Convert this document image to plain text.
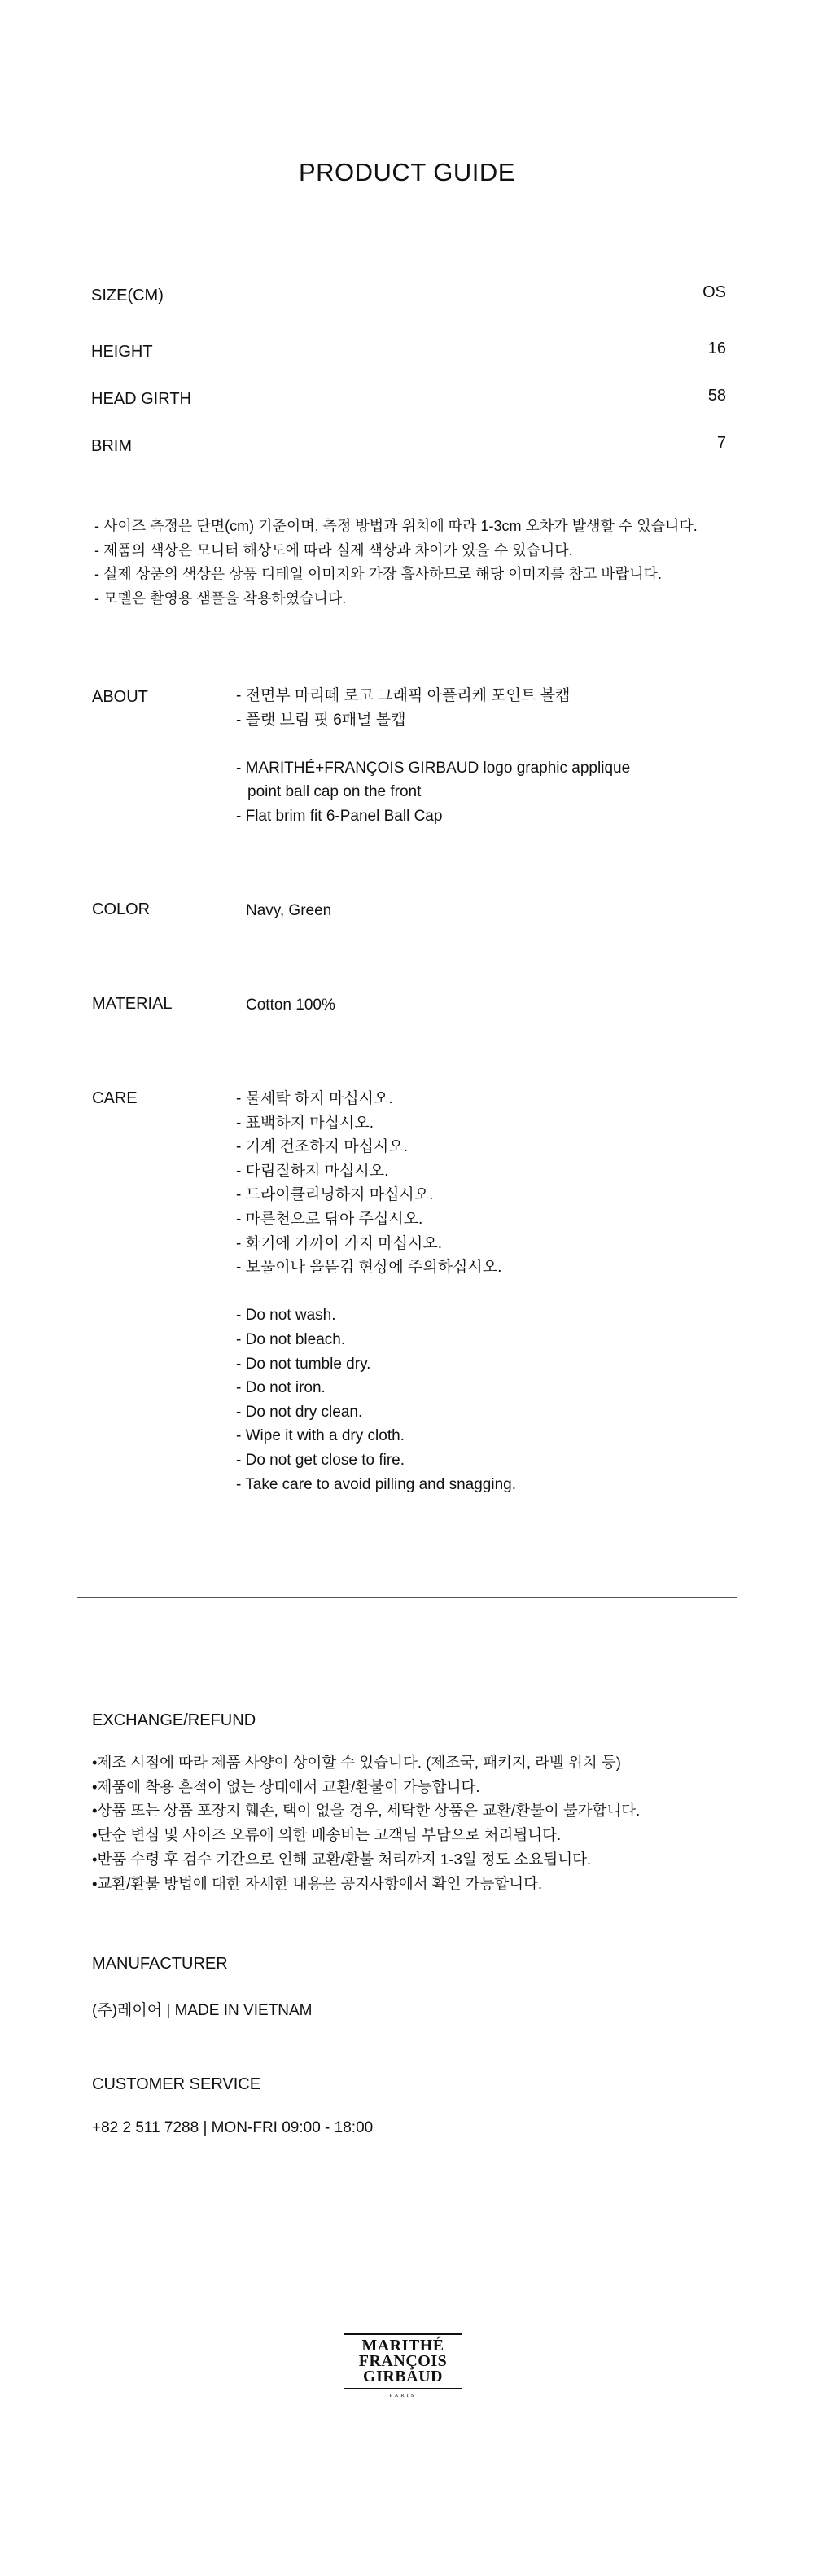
PRODUCT GUIDE
SIZE(CM)	OS
HEIGHT	16
HEAD GIRTH	58
BRIM	7
- 사이즈 측정은 단면(cm) 기준이며, 측정 방법과 위치에 따라 1-3cm 오차가 발생할 수 있습니다.
- 제품의 색상은 모니터 해상도에 따라 실제 색상과 차이가 있을 수 있습니다.
- 실제 상품의 색상은 상품 디테일 이미지와 가장 흡사하므로 해당 이미지를 참고 바랍니다.
- 모델은 촬영용 샘플을 착용하였습니다.
ABOUT	- 전면부 마리떼 로고 그래픽 아플리케 포인트 볼캡
- 플랫 브림 핏 6패널 볼캡
- MARITHÉ+FRANÇOIS GIRBAUD logo graphic applique
point ball cap on the front
- Flat brim fit 6-Panel Ball Cap
COLOR	Navy, Green
MATERIAL	Cotton 100%
CARE	- 물세탁 하지 마십시오.
- 표백하지 마십시오.
- 기계 건조하지 마십시오.
- 다림질하지 마십시오.
- 드라이클리닝하지 마십시오.
- 마른천으로 닦아 주십시오.
- 화기에 가까이 가지 마십시오.
- 보풀이나 올뜯김 현상에 주의하십시오.
- Do not wash.
- Do not bleach.
- Do not tumble dry.
- Do not iron.
- Do not dry clean.
- Wipe it with a dry cloth.
- Do not get close to fire.
- Take care to avoid pilling and snagging.
EXCHANGE/REFUND
•제조 시점에 따라 제품 사양이 상이할 수 있습니다. (제조국, 패키지, 라벨 위치 등)
•제품에 착용 흔적이 없는 상태에서 교환/환불이 가능합니다.
•상품 또는 상품 포장지 훼손, 택이 없을 경우, 세탁한 상품은 교환/환불이 불가합니다.
•단순 변심 및 사이즈 오류에 의한 배송비는 고객님 부담으로 처리됩니다.
•반품 수령 후 검수 기간으로 인해 교환/환불 처리까지 1-3일 정도 소요됩니다.
•교환/환불 방법에 대한 자세한 내용은 공지사항에서 확인 가능합니다.
MANUFACTURER
(주)레이어 | MADE IN VIETNAM
CUSTOMER SERVICE
+82 2 511 7288 | MON-FRI 09:00 - 18:00
MARITHÉ
FRANÇOIS
GIRBAUD
PARIS
